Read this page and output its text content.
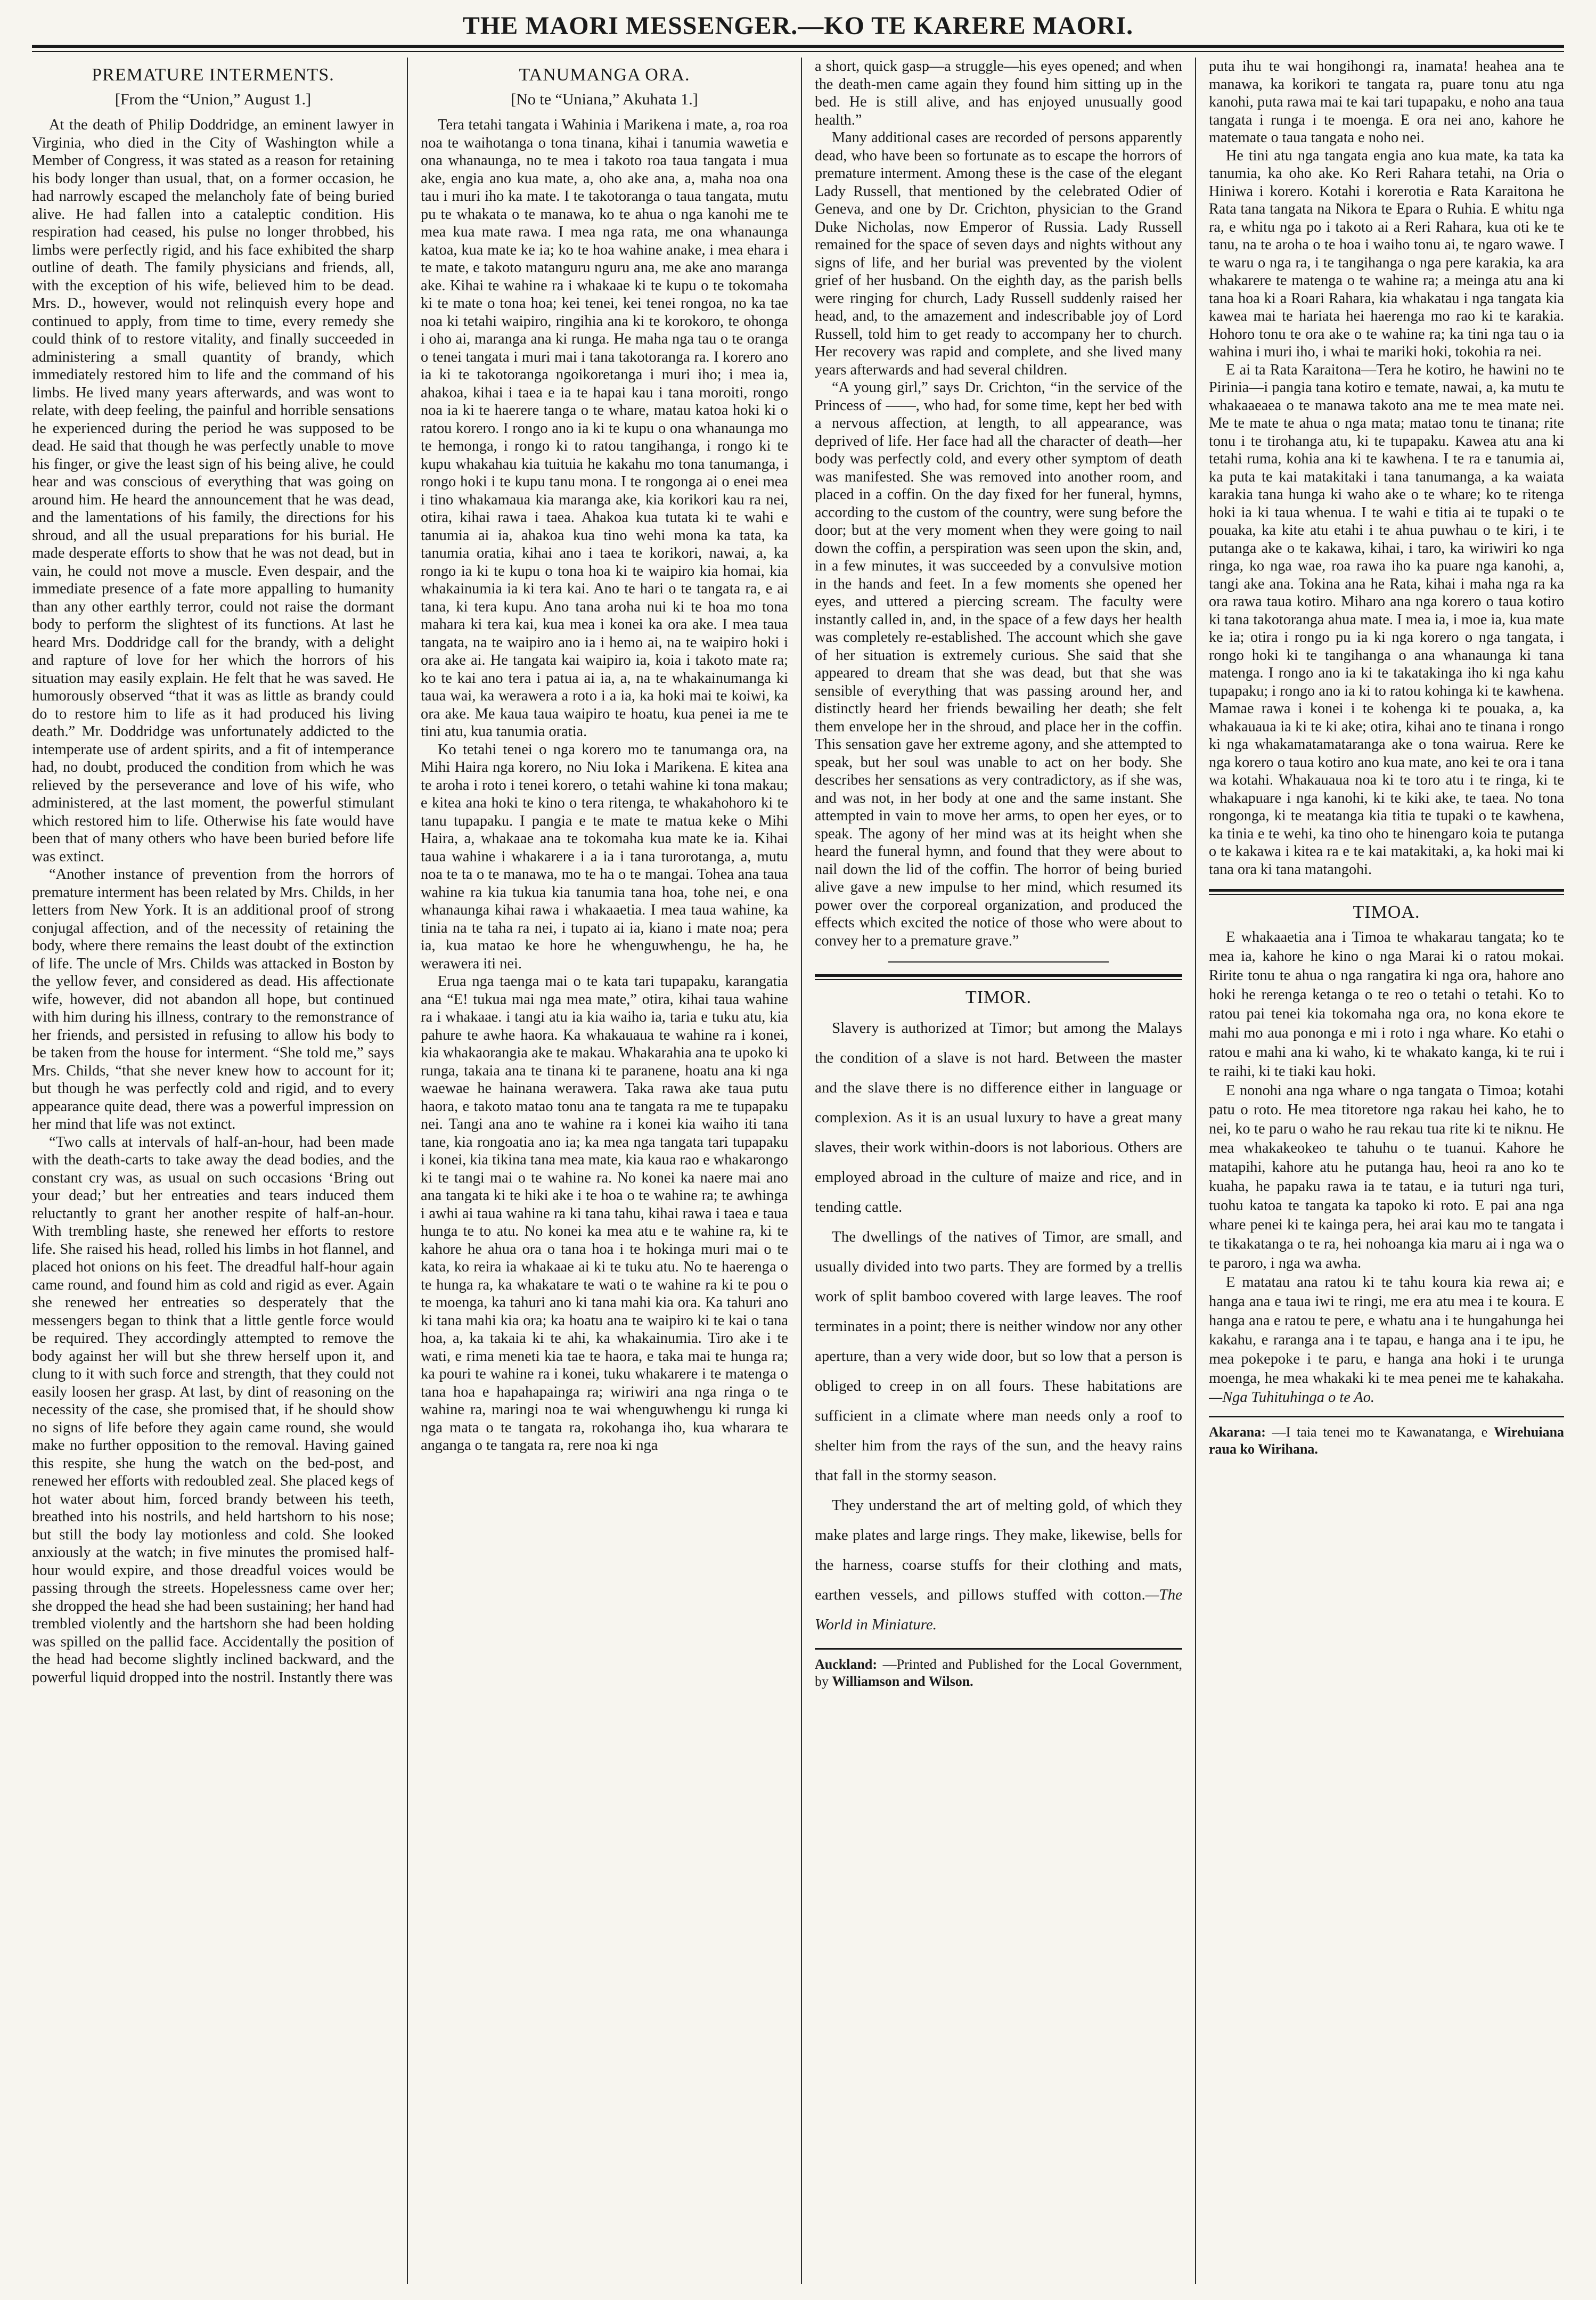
THE MAORI MESSENGER.—KO TE KARERE MAORI.
PREMATURE INTERMENTS.
[From the “Union,” August 1.]

At the death of Philip Doddridge, an eminent lawyer in Virginia, who died in the City of Washington while a Member of Congress, it was stated as a reason for retaining his body longer than usual, that, on a former occasion, he had narrowly escaped the melancholy fate of being buried alive. He had fallen into a cataleptic condition. His respiration had ceased, his pulse no longer throbbed, his limbs were perfectly rigid, and his face exhibited the sharp outline of death. The family physicians and friends, all, with the exception of his wife, believed him to be dead. Mrs. D., however, would not relinquish every hope and continued to apply, from time to time, every remedy she could think of to restore vitality, and finally succeeded in administering a small quantity of brandy, which immediately restored him to life and the command of his limbs. He lived many years afterwards, and was wont to relate, with deep feeling, the painful and horrible sensations he experienced during the period he was supposed to be dead. He said that though he was perfectly unable to move his finger, or give the least sign of his being alive, he could hear and was conscious of everything that was going on around him. He heard the announcement that he was dead, and the lamentations of his family, the directions for his shroud, and all the usual preparations for his burial. He made desperate efforts to show that he was not dead, but in vain, he could not move a muscle. Even despair, and the immediate presence of a fate more appalling to humanity than any other earthly terror, could not raise the dormant body to perform the slightest of its functions. At last he heard Mrs. Doddridge call for the brandy, with a delight and rapture of love for her which the horrors of his situation may easily explain. He felt that he was saved. He humorously observed “that it was as little as brandy could do to restore him to life as it had produced his living death.” Mr. Doddridge was unfortunately addicted to the intemperate use of ardent spirits, and a fit of intemperance had, no doubt, produced the condition from which he was relieved by the perseverance and love of his wife, who administered, at the last moment, the powerful stimulant which restored him to life. Otherwise his fate would have been that of many others who have been buried before life was extinct.

“Another instance of prevention from the horrors of premature interment has been related by Mrs. Childs, in her letters from New York. It is an additional proof of strong conjugal affection, and of the necessity of retaining the body, where there remains the least doubt of the extinction of life. The uncle of Mrs. Childs was attacked in Boston by the yellow fever, and considered as dead. His affectionate wife, however, did not abandon all hope, but continued with him during his illness, contrary to the remonstrance of her friends, and persisted in refusing to allow his body to be taken from the house for interment. “She told me,” says Mrs. Childs, “that she never knew how to account for it; but though he was perfectly cold and rigid, and to every appearance quite dead, there was a powerful impression on her mind that life was not extinct.

“Two calls at intervals of half-an-hour, had been made with the death-carts to take away the dead bodies, and the constant cry was, as usual on such occasions ‘Bring out your dead;’ but her entreaties and tears induced them reluctantly to grant her another respite of half-an-hour. With trembling haste, she renewed her efforts to restore life. She raised his head, rolled his limbs in hot flannel, and placed hot onions on his feet. The dreadful half-hour again came round, and found him as cold and rigid as ever. Again she renewed her entreaties so desperately that the messengers began to think that a little gentle force would be required. They accordingly attempted to remove the body against her will but she threw herself upon it, and clung to it with such force and strength, that they could not easily loosen her grasp. At last, by dint of reasoning on the necessity of the case, she promised that, if he should show no signs of life before they again came round, she would make no further opposition to the removal. Having gained this respite, she hung the watch on the bed-post, and renewed her efforts with redoubled zeal. She placed kegs of hot water about him, forced brandy between his teeth, breathed into his nostrils, and held hartshorn to his nose; but still the body lay motionless and cold. She looked anxiously at the watch; in five minutes the promised half-hour would expire, and those dreadful voices would be passing through the streets. Hopelessness came over her; she dropped the head she had been sustaining; her hand had trembled violently and the hartshorn she had been holding was spilled on the pallid face. Accidentally the position of the head had become slightly inclined backward, and the powerful liquid dropped into the nostril. Instantly there was

TANUMANGA ORA.
[No te “Uniana,” Akuhata 1.]

Tera tetahi tangata i Wahinia i Marikena i mate, a, roa roa noa te waihotanga o tona tinana, kihai i tanumia wawetia e ona whanaunga, no te mea i takoto roa taua tangata i mua ake, engia ano kua mate, a, oho ake ana, a, maha noa ona tau i muri iho ka mate. I te takotoranga o taua tangata, mutu pu te whakata o te manawa, ko te ahua o nga kanohi me te mea kua mate rawa. I mea nga rata, me ona whanaunga katoa, kua mate ke ia; ko te hoa wahine anake, i mea ehara i te mate, e takoto matanguru nguru ana, me ake ano maranga ake. Kihai te wahine ra i whakaae ki te kupu o te tokomaha ki te mate o tona hoa; kei tenei, kei tenei rongoa, no ka tae noa ki tetahi waipiro, ringihia ana ki te korokoro, te ohonga i oho ai, maranga ana ki runga. He maha nga tau o te oranga o tenei tangata i muri mai i tana takotoranga ra. I korero ano ia ki te takotoranga ngoikoretanga i muri iho; i mea ia, ahakoa, kihai i taea e ia te hapai kau i tana moroiti, rongo noa ia ki te haerere tanga o te whare, matau katoa hoki ki o ratou korero. I rongo ano ia ki te kupu o ona whanaunga mo te hemonga, i rongo ki to ratou tangihanga, i rongo ki te kupu whakahau kia tuituia he kakahu mo tona tanumanga, i rongo hoki i te kupu tanu mona. I te rongonga ai o enei mea i tino whakamaua kia maranga ake, kia korikori kau ra nei, otira, kihai rawa i taea. Ahakoa kua tutata ki te wahi e tanumia ai ia, ahakoa kua tino wehi mona ka tata, ka tanumia oratia, kihai ano i taea te korikori, nawai, a, ka rongo ia ki te kupu o tona hoa ki te waipiro kia homai, kia whakainumia ia ki tera kai. Ano te hari o te tangata ra, e ai tana, ki tera kupu. Ano tana aroha nui ki te hoa mo tona mahara ki tera kai, kua mea i konei ka ora ake. I mea taua tangata, na te waipiro ano ia i hemo ai, na te waipiro hoki i ora ake ai. He tangata kai waipiro ia, koia i takoto mate ra; ko te kai ano tera i patua ai ia, a, na te whakainumanga ki taua wai, ka werawera a roto i a ia, ka hoki mai te koiwi, ka ora ake. Me kaua taua waipiro te hoatu, kua penei ia me te tini atu, kua tanumia oratia.

Ko tetahi tenei o nga korero mo te tanumanga ora, na Mihi Haira nga korero, no Niu Ioka i Marikena. E kitea ana te aroha i roto i tenei korero, o tetahi wahine ki tona makau; e kitea ana hoki te kino o tera ritenga, te whakahohoro ki te tanu tupapaku. I pangia e te mate te matua keke o Mihi Haira, a, whakaae ana te tokomaha kua mate ke ia. Kihai taua wahine i whakarere i a ia i tana turorotanga, a, mutu noa te ta o te manawa, mo te ha o te mangai. Tohea ana taua wahine ra kia tukua kia tanumia tana hoa, tohe nei, e ona whanaunga kihai rawa i whakaaetia. I mea taua wahine, ka tinia na te taha ra nei, i tupato ai ia, kiano i mate noa; pera ia, kua matao ke hore he whenguwhengu, he ha, he werawera iti nei.

Erua nga taenga mai o te kata tari tupapaku, karangatia ana “E! tukua mai nga mea mate,” otira, kihai taua wahine ra i whakaae. i tangi atu ia kia waiho ia, taria e tuku atu, kia pahure te awhe haora. Ka whakauaua te wahine ra i konei, kia whakaorangia ake te makau. Whakarahia ana te upoko ki runga, takaia ana te tinana ki te paranene, hoatu ana ki nga waewae he hainana werawera. Taka rawa ake taua putu haora, e takoto matao tonu ana te tangata ra me te tupapaku nei. Tangi ana ano te wahine ra i konei kia waiho iti tana tane, kia rongoatia ano ia; ka mea nga tangata tari tupapaku i konei, kia tikina tana mea mate, kia kaua rao e whakarongo ki te tangi mai o te wahine ra. No konei ka naere mai ano ana tangata ki te hiki ake i te hoa o te wahine ra; te awhinga i awhi ai taua wahine ra ki tana tahu, kihai rawa i taea e taua hunga te to atu. No konei ka mea atu e te wahine ra, ki te kahore he ahua ora o tana hoa i te hokinga muri mai o te kata, ko reira ia whakaae ai ki te tuku atu. No te haerenga o te hunga ra, ka whakatare te wati o te wahine ra ki te pou o te moenga, ka tahuri ano ki tana mahi kia ora. Ka tahuri ano ki tana mahi kia ora; ka hoatu ana te waipiro ki te kai o tana hoa, a, ka takaia ki te ahi, ka whakainumia. Tiro ake i te wati, e rima meneti kia tae te haora, e taka mai te hunga ra; ka pouri te wahine ra i konei, tuku whakarere i te matenga o tana hoa e hapahapainga ra; wiriwiri ana nga ringa o te wahine ra, maringi noa te wai whenguwhengu ki runga ki nga mata o te tangata ra, rokohanga iho, kua wharara te anganga o te tangata ra, rere noa ki nga

a short, quick gasp—a struggle—his eyes opened; and when the death-men came again they found him sitting up in the bed. He is still alive, and has enjoyed unusually good health.”

Many additional cases are recorded of persons apparently dead, who have been so fortunate as to escape the horrors of premature interment. Among these is the case of the elegant Lady Russell, that mentioned by the celebrated Odier of Geneva, and one by Dr. Crichton, physician to the Grand Duke Nicholas, now Emperor of Russia. Lady Russell remained for the space of seven days and nights without any signs of life, and her burial was prevented by the violent grief of her husband. On the eighth day, as the parish bells were ringing for church, Lady Russell suddenly raised her head, and, to the amazement and indescribable joy of Lord Russell, told him to get ready to accompany her to church. Her recovery was rapid and complete, and she lived many years afterwards and had several children.

“A young girl,” says Dr. Crichton, “in the service of the Princess of ——, who had, for some time, kept her bed with a nervous affection, at length, to all appearance, was deprived of life. Her face had all the character of death—her body was perfectly cold, and every other symptom of death was manifested. She was removed into another room, and placed in a coffin. On the day fixed for her funeral, hymns, according to the custom of the country, were sung before the door; but at the very moment when they were going to nail down the coffin, a perspiration was seen upon the skin, and, in a few minutes, it was succeeded by a convulsive motion in the hands and feet. In a few moments she opened her eyes, and uttered a piercing scream. The faculty were instantly called in, and, in the space of a few days her health was completely re-established. The account which she gave of her situation is extremely curious. She said that she appeared to dream that she was dead, but that she was sensible of everything that was passing around her, and distinctly heard her friends bewailing her death; she felt them envelope her in the shroud, and place her in the coffin. This sensation gave her extreme agony, and she attempted to speak, but her soul was unable to act on her body. She describes her sensations as very contradictory, as if she was, and was not, in her body at one and the same instant. She attempted in vain to move her arms, to open her eyes, or to speak. The agony of her mind was at its height when she heard the funeral hymn, and found that they were about to nail down the lid of the coffin. The horror of being buried alive gave a new impulse to her mind, which resumed its power over the corporeal organization, and produced the effects which excited the notice of those who were about to convey her to a premature grave.”

TIMOR.

Slavery is authorized at Timor; but among the Malays the condition of a slave is not hard. Between the master and the slave there is no difference either in language or complexion. As it is an usual luxury to have a great many slaves, their work within-doors is not laborious. Others are employed abroad in the culture of maize and rice, and in tending cattle.

The dwellings of the natives of Timor, are small, and usually divided into two parts. They are formed by a trellis work of split bamboo covered with large leaves. The roof terminates in a point; there is neither window nor any other aperture, than a very wide door, but so low that a person is obliged to creep in on all fours. These habitations are sufficient in a climate where man needs only a roof to shelter him from the rays of the sun, and the heavy rains that fall in the stormy season.

They understand the art of melting gold, of which they make plates and large rings. They make, likewise, bells for the harness, coarse stuffs for their clothing and mats, earthen vessels, and pillows stuffed with cotton.—The World in Miniature.

Auckland: —Printed and Published for the Local Government, by Williamson and Wilson.

puta ihu te wai hongihongi ra, inamata! heahea ana te manawa, ka korikori te tangata ra, puare tonu atu nga kanohi, puta rawa mai te kai tari tupapaku, e noho ana taua tangata i runga i te moenga. E ora nei ano, kahore he matemate o taua tangata e noho nei.

He tini atu nga tangata engia ano kua mate, ka tata ka tanumia, ka oho ake. Ko Reri Rahara tetahi, na Oria o Hiniwa i korero. Kotahi i korerotia e Rata Karaitona he Rata tana tangata na Nikora te Epara o Ruhia. E whitu nga ra, e whitu nga po i takoto ai a Reri Rahara, kua oti ke te tanu, na te aroha o te hoa i waiho tonu ai, te ngaro wawe. I te waru o nga ra, i te tangihanga o nga pere karakia, ka ara whakarere te matenga o te wahine ra; a meinga atu ana ki tana hoa ki a Roari Rahara, kia whakatau i nga tangata kia kawea mai te hariata hei haerenga mo rao ki te karakia. Hohoro tonu te ora ake o te wahine ra; ka tini nga tau o ia wahina i muri iho, i whai te mariki hoki, tokohia ra nei.

E ai ta Rata Karaitona—Tera he kotiro, he hawini no te Pirinia—i pangia tana kotiro e temate, nawai, a, ka mutu te whakaaeaea o te manawa takoto ana me te mea mate nei. Me te mate te ahua o nga mata; matao tonu te tinana; rite tonu i te tirohanga atu, ki te tupapaku. Kawea atu ana ki tetahi ruma, kohia ana ki te kawhena. I te ra e tanumia ai, ka puta te kai matakitaki i tana tanumanga, a ka waiata karakia tana hunga ki waho ake o te whare; ko te ritenga hoki ia ki taua whenua. I te wahi e titia ai te tupaki o te pouaka, ka kite atu etahi i te ahua puwhau o te kiri, i te putanga ake o te kakawa, kihai, i taro, ka wiriwiri ko nga ringa, ko nga wae, roa rawa iho ka puare nga kanohi, a, tangi ake ana. Tokina ana he Rata, kihai i maha nga ra ka ora rawa taua kotiro. Miharo ana nga korero o taua kotiro ki tana takotoranga ahua mate. I mea ia, i moe ia, kua mate ke ia; otira i rongo pu ia ki nga korero o nga tangata, i rongo hoki ki te tangihanga o ana whanaunga ki tana matenga. I rongo ano ia ki te takatakinga iho ki nga kahu tupapaku; i rongo ano ia ki to ratou kohinga ki te kawhena. Mamae rawa i konei i te kohenga ki te pouaka, a, ka whakauaua ia ki te ki ake; otira, kihai ano te tinana i rongo ki nga whakamatamataranga ake o tona wairua. Rere ke nga korero o taua kotiro ano kua mate, ano kei te ora i tana wa kotahi. Whakauaua noa ki te toro atu i te ringa, ki te whakapuare i nga kanohi, ki te kiki ake, te taea. No tona rongonga, ki te meatanga kia titia te tupaki o te kawhena, ka tinia e te wehi, ka tino oho te hinengaro koia te putanga o te kakawa i kitea ra e te kai matakitaki, a, ka hoki mai ki tana ora ki tana matangohi.

TIMOA.

E whakaaetia ana i Timoa te whakarau tangata; ko te mea ia, kahore he kino o nga Marai ki o ratou mokai. Ririte tonu te ahua o nga rangatira ki nga ora, hahore ano hoki he rerenga ketanga o te reo o tetahi o tetahi. Ko to ratou pai tenei kia tokomaha nga ora, no kona ekore te mahi mo aua pononga e mi i roto i nga whare. Ko etahi o ratou e mahi ana ki waho, ki te whakato kanga, ki te rui i te raihi, ki te tiaki kau hoki.

E nonohi ana nga whare o nga tangata o Timoa; kotahi patu o roto. He mea titoretore nga rakau hei kaho, he to nei, ko te paru o waho he rau rekau tua rite ki te niknu. He mea whakakeokeo te tahuhu o te tuanui. Kahore he matapihi, kahore atu he putanga hau, heoi ra ano ko te kuaha, he papaku rawa ia te tatau, e ia tuturi nga turi, tuohu katoa te tangata ka tapoko ki roto. E pai ana nga whare penei ki te kainga pera, hei arai kau mo te tangata i te tikakatanga o te ra, hei nohoanga kia maru ai i nga wa o te paroro, i nga wa awha.

E matatau ana ratou ki te tahu koura kia rewa ai; e hanga ana e taua iwi te ringi, me era atu mea i te koura. E hanga ana e ratou te pere, e whatu ana i te hungahunga hei kakahu, e raranga ana i te tapau, e hanga ana i te ipu, he mea pokepoke i te paru, e hanga ana hoki i te urunga moenga, he mea whakaki ki te mea penei me te kahakaha.—Nga Tuhituhinga o te Ao.

Akarana: —I taia tenei mo te Kawanatanga, e Wirehuiana raua ko Wirihana.
